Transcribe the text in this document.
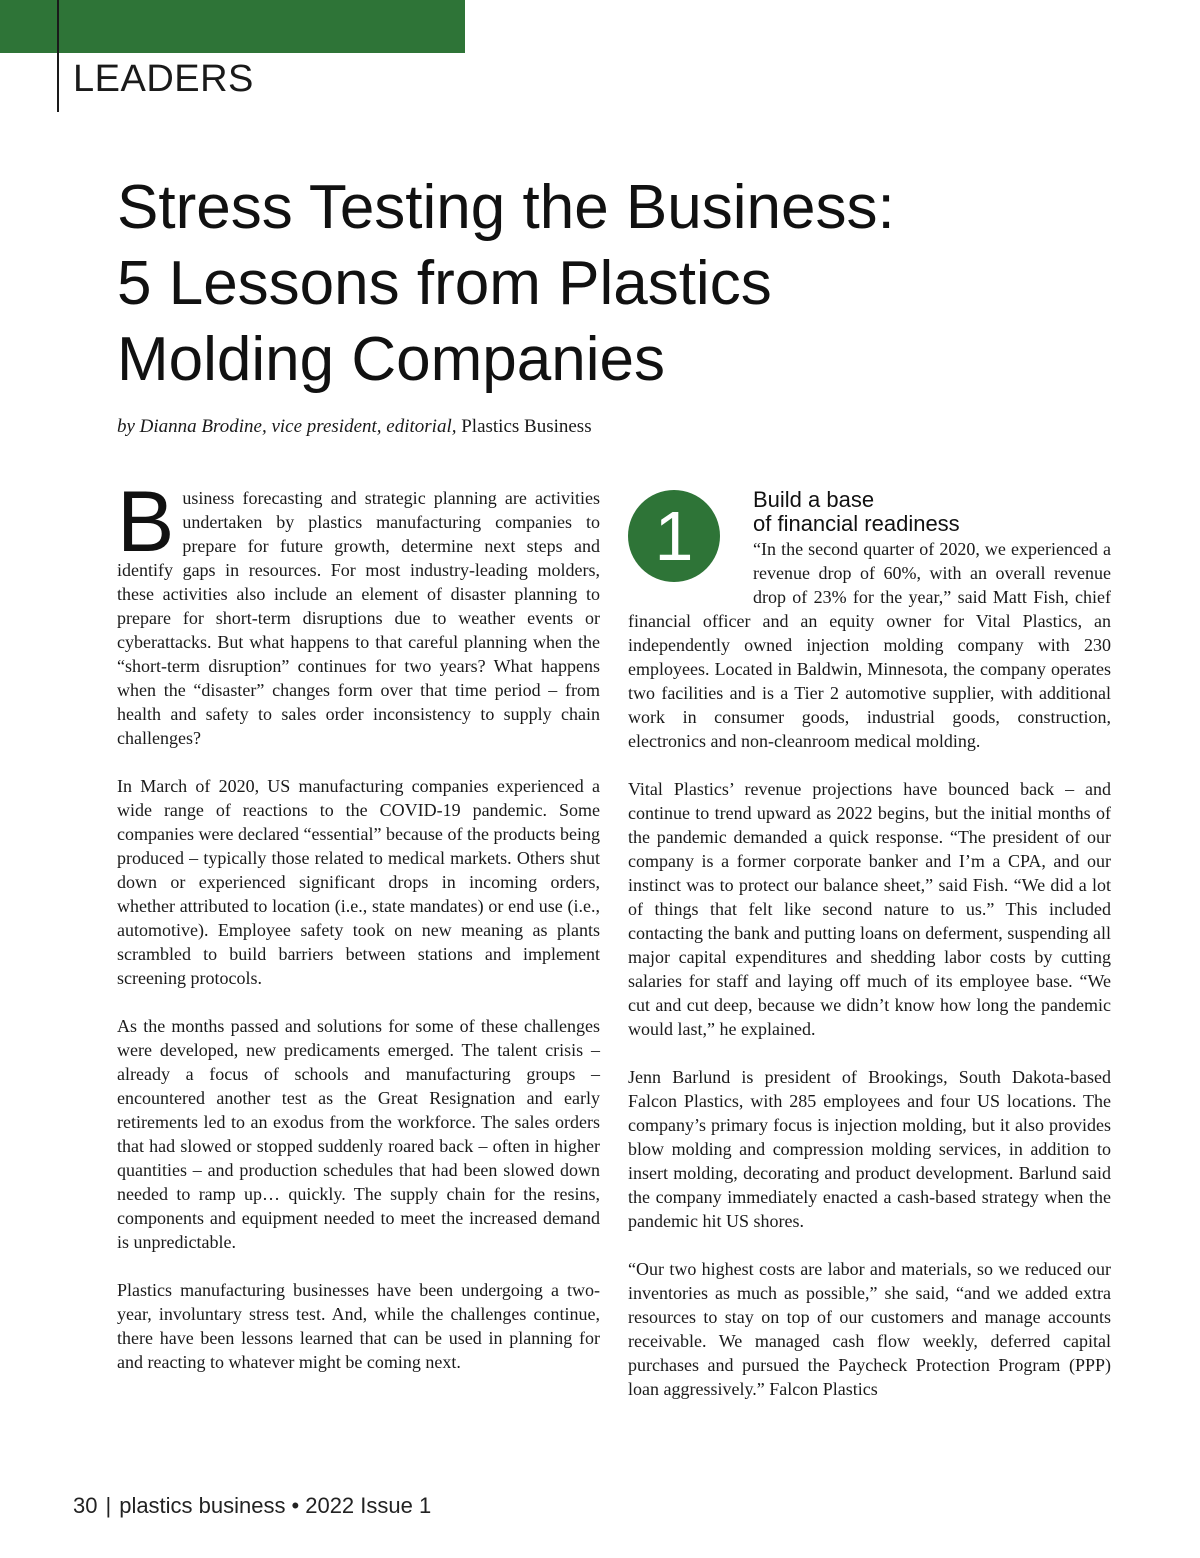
LEADERS
Stress Testing the Business:
5 Lessons from Plastics
Molding Companies
by Dianna Brodine, vice president, editorial, Plastics Business

Business forecasting and strategic planning are activities undertaken by plastics manufacturing companies to prepare for future growth, determine next steps and identify gaps in resources. For most industry-leading molders, these activities also include an element of disaster planning to prepare for short-term disruptions due to weather events or cyberattacks. But what happens to that careful planning when the “short-term disruption” continues for two years? What happens when the “disaster” changes form over that time period – from health and safety to sales order inconsistency to supply chain challenges?

In March of 2020, US manufacturing companies experienced a wide range of reactions to the COVID-19 pandemic. Some companies were declared “essential” because of the products being produced – typically those related to medical markets. Others shut down or experienced significant drops in incoming orders, whether attributed to location (i.e., state mandates) or end use (i.e., automotive). Employee safety took on new meaning as plants scrambled to build barriers between stations and implement screening protocols.

As the months passed and solutions for some of these challenges were developed, new predicaments emerged. The talent crisis – already a focus of schools and manufacturing groups – encountered another test as the Great Resignation and early retirements led to an exodus from the workforce. The sales orders that had slowed or stopped suddenly roared back – often in higher quantities – and production schedules that had been slowed down needed to ramp up… quickly. The supply chain for the resins, components and equipment needed to meet the increased demand is unpredictable.

Plastics manufacturing businesses have been undergoing a two-year, involuntary stress test. And, while the challenges continue, there have been lessons learned that can be used in planning for and reacting to whatever might be coming next.

1	Build a base
of financial readiness

“In the second quarter of 2020, we experienced a revenue drop of 60%, with an overall revenue drop of 23% for the year,” said Matt Fish, chief financial officer and an equity owner for Vital Plastics, an independently owned injection molding company with 230 employees. Located in Baldwin, Minnesota, the company operates two facilities and is a Tier 2 automotive supplier, with additional work in consumer goods, industrial goods, construction, electronics and non-cleanroom medical molding.

Vital Plastics’ revenue projections have bounced back – and continue to trend upward as 2022 begins, but the initial months of the pandemic demanded a quick response. “The president of our company is a former corporate banker and I’m a CPA, and our instinct was to protect our balance sheet,” said Fish. “We did a lot of things that felt like second nature to us.” This included contacting the bank and putting loans on deferment, suspending all major capital expenditures and shedding labor costs by cutting salaries for staff and laying off much of its employee base. “We cut and cut deep, because we didn’t know how long the pandemic would last,” he explained.

Jenn Barlund is president of Brookings, South Dakota-based Falcon Plastics, with 285 employees and four US locations. The company’s primary focus is injection molding, but it also provides blow molding and compression molding services, in addition to insert molding, decorating and product development. Barlund said the company immediately enacted a cash-based strategy when the pandemic hit US shores.

“Our two highest costs are labor and materials, so we reduced our inventories as much as possible,” she said, “and we added extra resources to stay on top of our customers and manage accounts receivable. We managed cash flow weekly, deferred capital purchases and pursued the Paycheck Protection Program (PPP) loan aggressively.” Falcon Plastics

30 | plastics business • 2022 Issue 1
